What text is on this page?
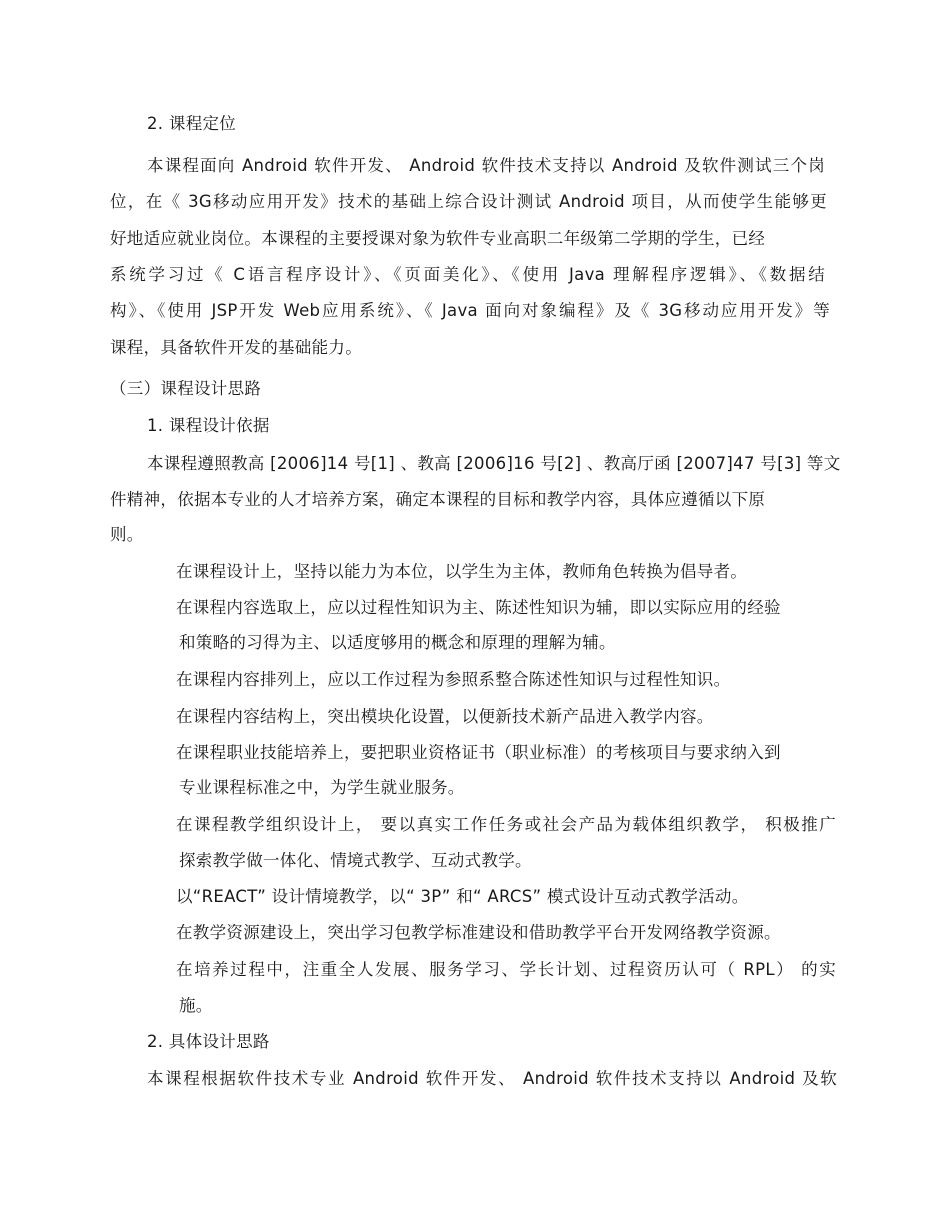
2. 课程定位
本课程面向 Android 软件开发、 Android 软件技术支持以 Android 及软件测试三个岗
位，在《 3G移动应用开发》技术的基础上综合设计测试 Android 项目，从而使学生能够更
好地适应就业岗位。本课程的主要授课对象为软件专业高职二年级第二学期的学生，已经
系统学习过《 C语言程序设计》、《页面美化》、《使用 Java 理解程序逻辑》、《数据结
构》、《使用 JSP开发 Web应用系统》、《 Java 面向对象编程》及《 3G移动应用开发》等
课程，具备软件开发的基础能力。
（三）课程设计思路
1. 课程设计依据
本课程遵照教高 [2006]14 号[1] 、教高 [2006]16 号[2] 、教高厅函 [2007]47 号[3] 等文
件精神，依据本专业的人才培养方案，确定本课程的目标和教学内容，具体应遵循以下原
则。
在课程设计上，坚持以能力为本位，以学生为主体，教师角色转换为倡导者。
在课程内容选取上，应以过程性知识为主、陈述性知识为辅，即以实际应用的经验
和策略的习得为主、以适度够用的概念和原理的理解为辅。
在课程内容排列上，应以工作过程为参照系整合陈述性知识与过程性知识。
在课程内容结构上，突出模块化设置，以便新技术新产品进入教学内容。
在课程职业技能培养上，要把职业资格证书（职业标准）的考核项目与要求纳入到
专业课程标准之中，为学生就业服务。
在课程教学组织设计上， 要以真实工作任务或社会产品为载体组织教学， 积极推广
探索教学做一体化、情境式教学、互动式教学。
以“REACT” 设计情境教学，以“ 3P” 和“ ARCS” 模式设计互动式教学活动。
在教学资源建设上，突出学习包教学标准建设和借助教学平台开发网络教学资源。
在培养过程中，注重全人发展、服务学习、学长计划、过程资历认可（ RPL） 的实
施。
2. 具体设计思路
本课程根据软件技术专业 Android 软件开发、 Android 软件技术支持以 Android 及软
